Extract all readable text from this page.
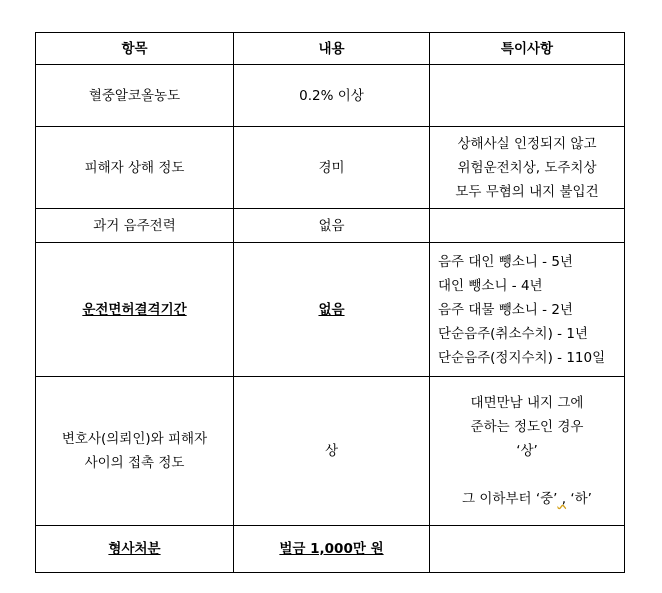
항목	내용	특이사항
혈중알코올농도	0.2% 이상	
피해자 상해 정도	경미	상해사실 인정되지 않고
위험운전치상, 도주치상
모두 무혐의 내지 불입건

과거 음주전력	없음	
운전면허결격기간	없음	음주 대인 뺑소니 - 5년
대인 뺑소니 - 4년
음주 대물 뺑소니 - 2년
단순음주(취소수치) - 1년
단순음주(정지수치) - 110일

변호사(의뢰인)와 피해자
사이의 접촉 정도	상	대면만남 내지 그에
준하는 정도인 경우
‘상’
그 이하부터 ‘중’ , ‘하’

형사처분	벌금 1,000만 원	
